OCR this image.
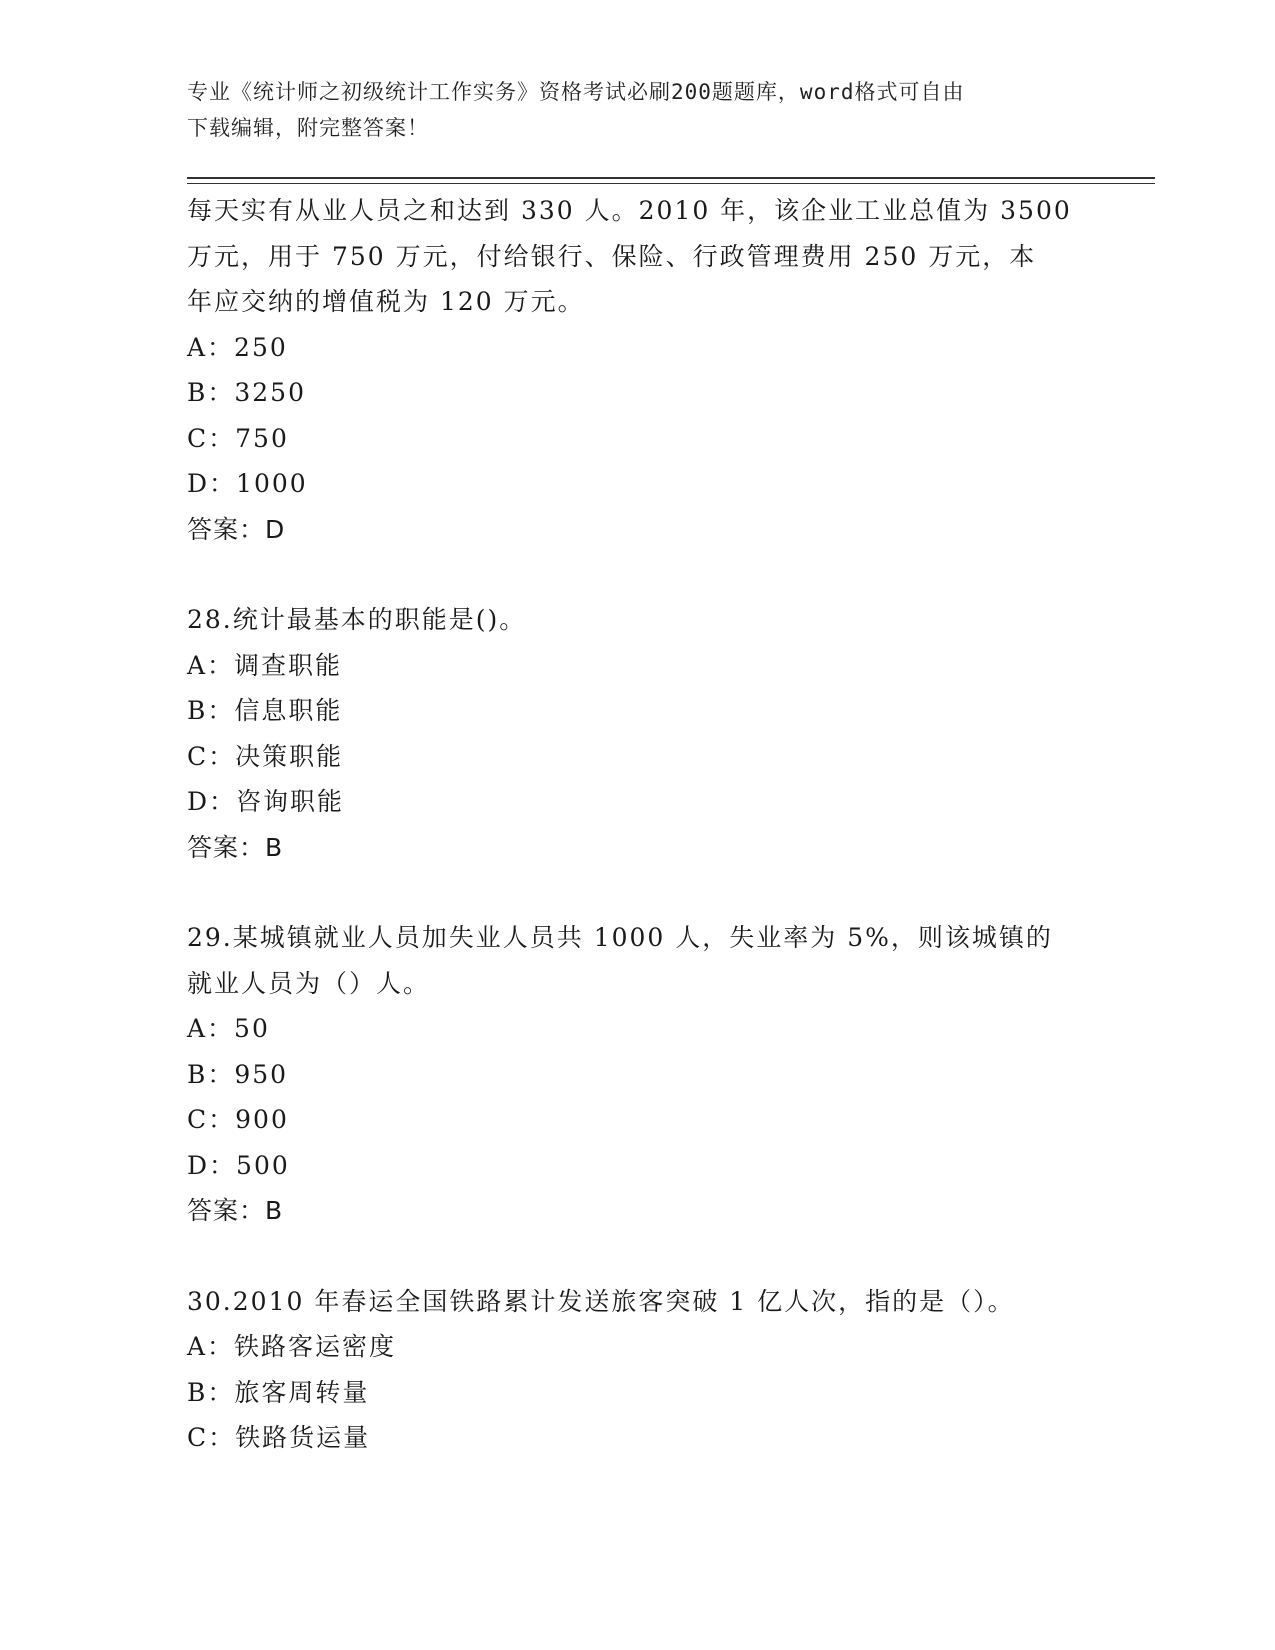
专业《统计师之初级统计工作实务》资格考试必刷200题题库，word格式可自由
下载编辑，附完整答案！
每天实有从业人员之和达到 330 人。2010 年，该企业工业总值为 3500
万元，用于 750 万元，付给银行、保险、行政管理费用 250 万元，本
年应交纳的增值税为 120 万元。
A：250
B：3250
C：750
D：1000
答案：D
28.统计最基本的职能是()。
A：调查职能
B：信息职能
C：决策职能
D：咨询职能
答案：B
29.某城镇就业人员加失业人员共 1000 人，失业率为 5%，则该城镇的
就业人员为（）人。
A：50
B：950
C：900
D：500
答案：B
30.2010 年春运全国铁路累计发送旅客突破 1 亿人次，指的是（）。
A：铁路客运密度
B：旅客周转量
C：铁路货运量
